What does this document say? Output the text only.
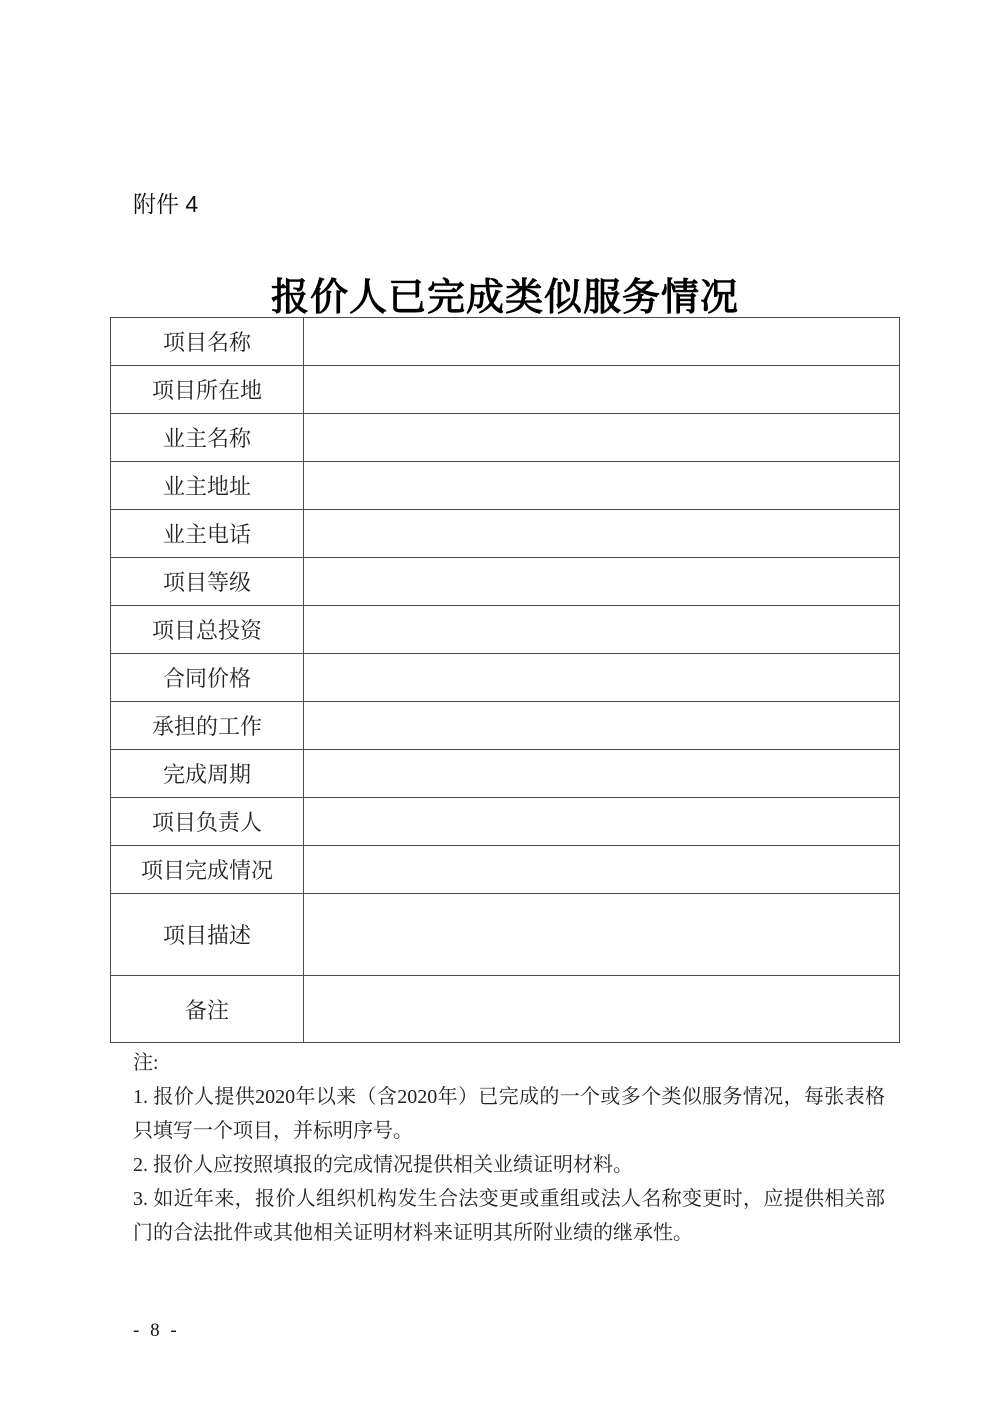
附件 4
报价人已完成类似服务情况
项目名称	
项目所在地	
业主名称	
业主地址	
业主电话	
项目等级	
项目总投资	
合同价格	
承担的工作	
完成周期	
项目负责人	
项目完成情况	
项目描述	
备注	
注:
1. 报价人提供2020年以来（含2020年）已完成的一个或多个类似服务情况，每张表格只填写一个项目，并标明序号。
2. 报价人应按照填报的完成情况提供相关业绩证明材料。
3. 如近年来，报价人组织机构发生合法变更或重组或法人名称变更时，应提供相关部门的合法批件或其他相关证明材料来证明其所附业绩的继承性。
- 8 -
